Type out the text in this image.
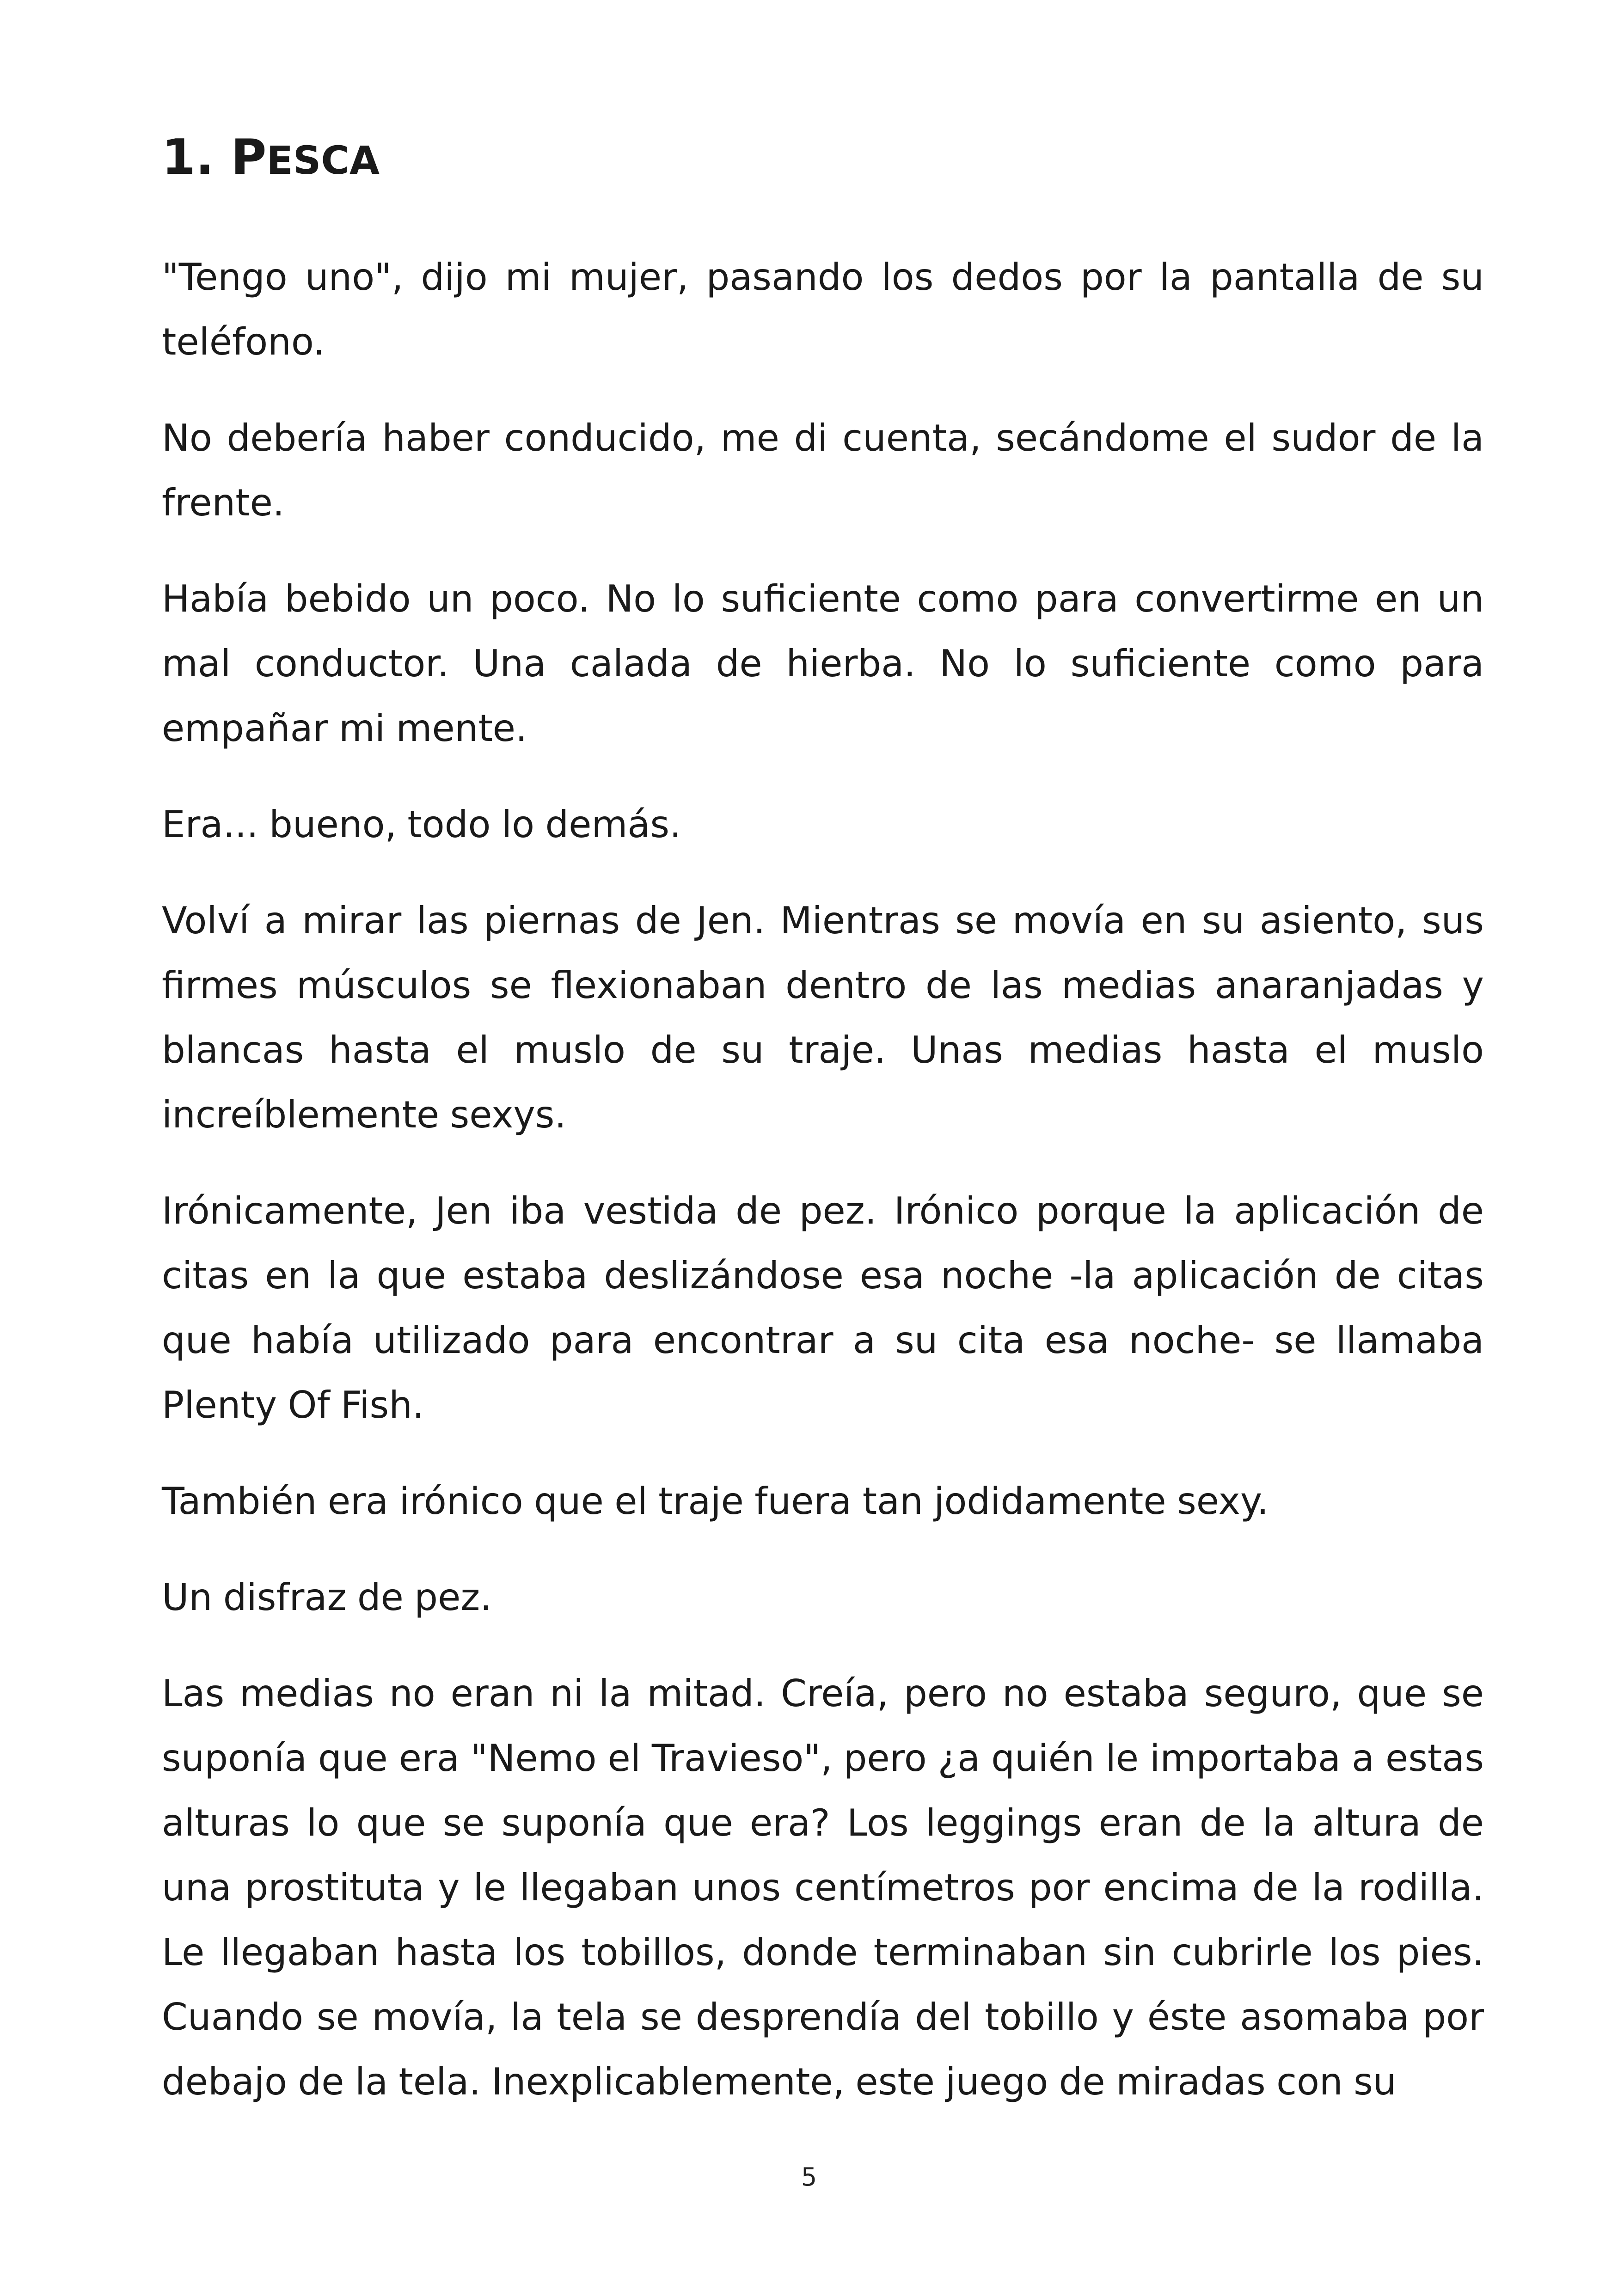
1. PESCA

"Tengo uno", dijo mi mujer, pasando los dedos por la pantalla de su teléfono.

No debería haber conducido, me di cuenta, secándome el sudor de la frente.

Había bebido un poco. No lo suficiente como para convertirme en un mal conductor. Una calada de hierba. No lo suficiente como para empañar mi mente.

Era... bueno, todo lo demás.

Volví a mirar las piernas de Jen. Mientras se movía en su asiento, sus firmes músculos se flexionaban dentro de las medias anaranjadas y blancas hasta el muslo de su traje. Unas medias hasta el muslo increíblemente sexys.

Irónicamente, Jen iba vestida de pez. Irónico porque la aplicación de citas en la que estaba deslizándose esa noche -la aplicación de citas que había utilizado para encontrar a su cita esa noche- se llamaba Plenty Of Fish.

También era irónico que el traje fuera tan jodidamente sexy.

Un disfraz de pez.

Las medias no eran ni la mitad. Creía, pero no estaba seguro, que se suponía que era "Nemo el Travieso", pero ¿a quién le importaba a estas alturas lo que se suponía que era? Los leggings eran de la altura de una prostituta y le llegaban unos centímetros por encima de la rodilla. Le llegaban hasta los tobillos, donde terminaban sin cubrirle los pies. Cuando se movía, la tela se desprendía del tobillo y éste asomaba por debajo de la tela. Inexplicablemente, este juego de miradas con su

5
